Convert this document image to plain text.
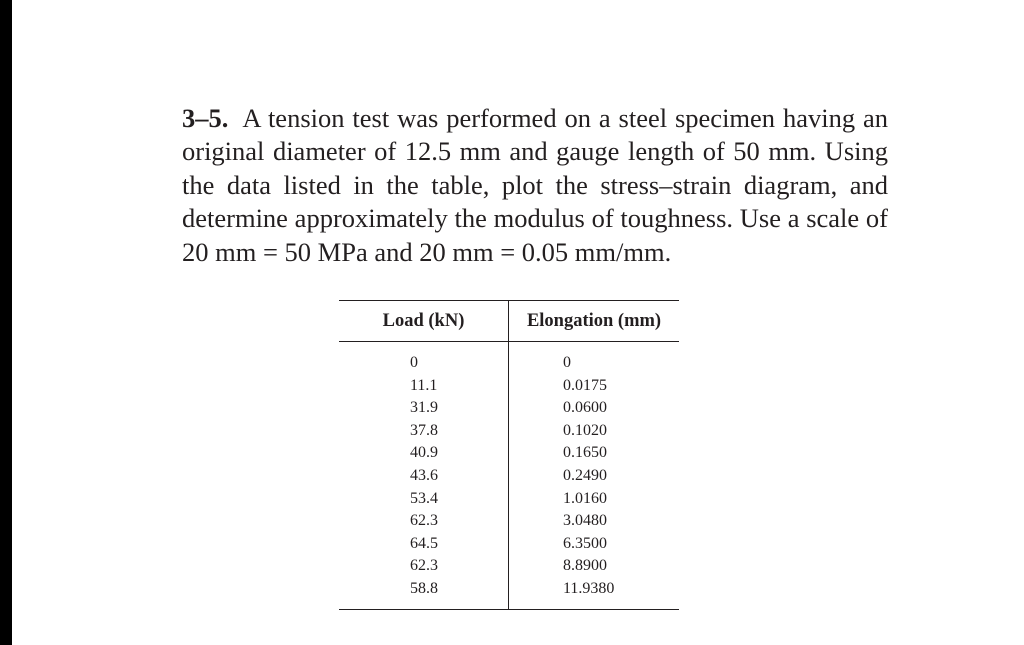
3–5. A tension test was performed on a steel specimen having an original diameter of 12.5 mm and gauge length of 50 mm. Using the data listed in the table, plot the stress–strain diagram, and determine approximately the modulus of toughness. Use a scale of 20 mm = 50 MPa and 20 mm = 0.05 mm/mm.

Load (kN)	Elongation (mm)
0	0
11.1	0.0175
31.9	0.0600
37.8	0.1020
40.9	0.1650
43.6	0.2490
53.4	1.0160
62.3	3.0480
64.5	6.3500
62.3	8.8900
58.8	11.9380
